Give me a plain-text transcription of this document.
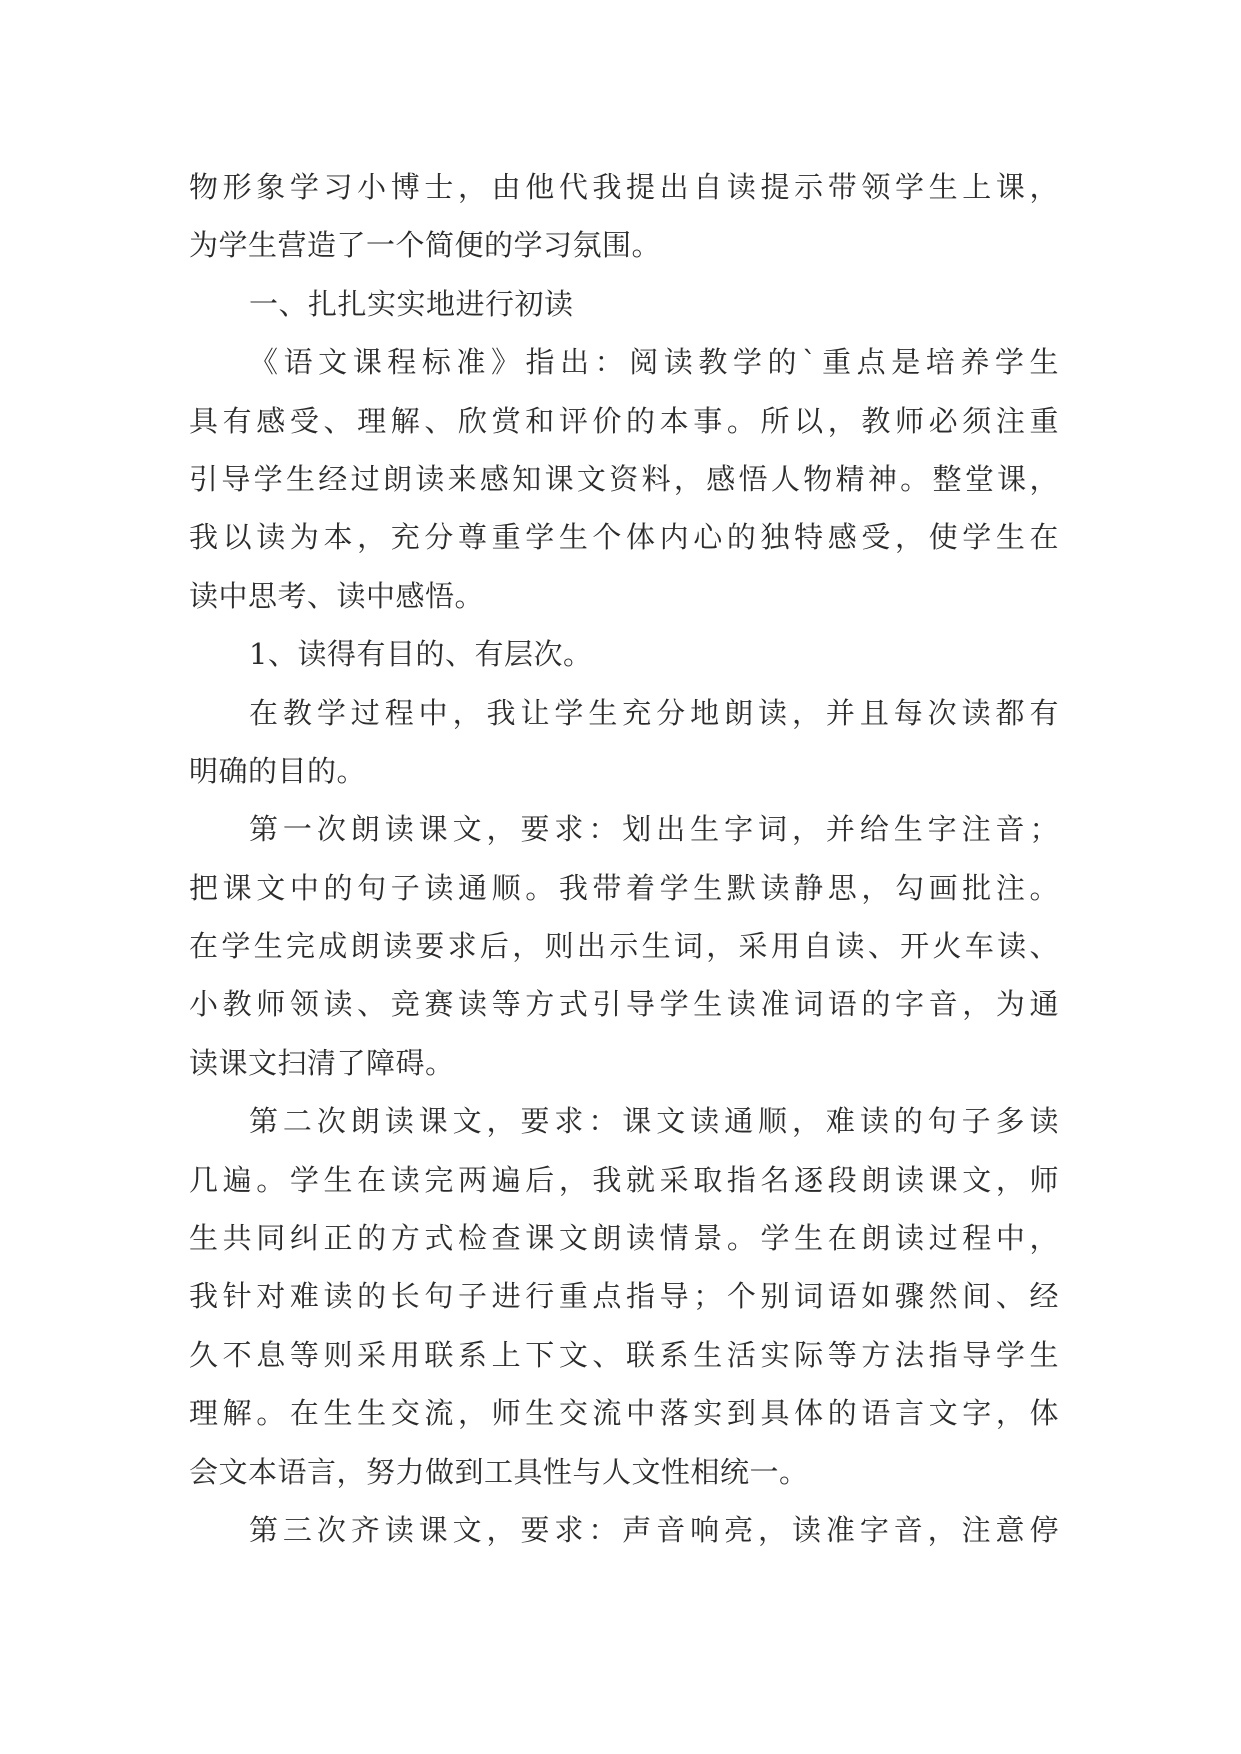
物形象学习小博士，由他代我提出自读提示带领学生上课，
为学生营造了一个简便的学习氛围。
一、扎扎实实地进行初读
《语文课程标准》指出：阅读教学的`重点是培养学生
具有感受、理解、欣赏和评价的本事。所以，教师必须注重
引导学生经过朗读来感知课文资料，感悟人物精神。整堂课，
我以读为本，充分尊重学生个体内心的独特感受，使学生在
读中思考、读中感悟。
1、读得有目的、有层次。
在教学过程中，我让学生充分地朗读，并且每次读都有
明确的目的。
第一次朗读课文，要求：划出生字词，并给生字注音；
把课文中的句子读通顺。我带着学生默读静思，勾画批注。
在学生完成朗读要求后，则出示生词，采用自读、开火车读、
小教师领读、竞赛读等方式引导学生读准词语的字音，为通
读课文扫清了障碍。
第二次朗读课文，要求：课文读通顺，难读的句子多读
几遍。学生在读完两遍后，我就采取指名逐段朗读课文，师
生共同纠正的方式检查课文朗读情景。学生在朗读过程中，
我针对难读的长句子进行重点指导；个别词语如骤然间、经
久不息等则采用联系上下文、联系生活实际等方法指导学生
理解。在生生交流，师生交流中落实到具体的语言文字，体
会文本语言，努力做到工具性与人文性相统一。
第三次齐读课文，要求：声音响亮，读准字音，注意停
